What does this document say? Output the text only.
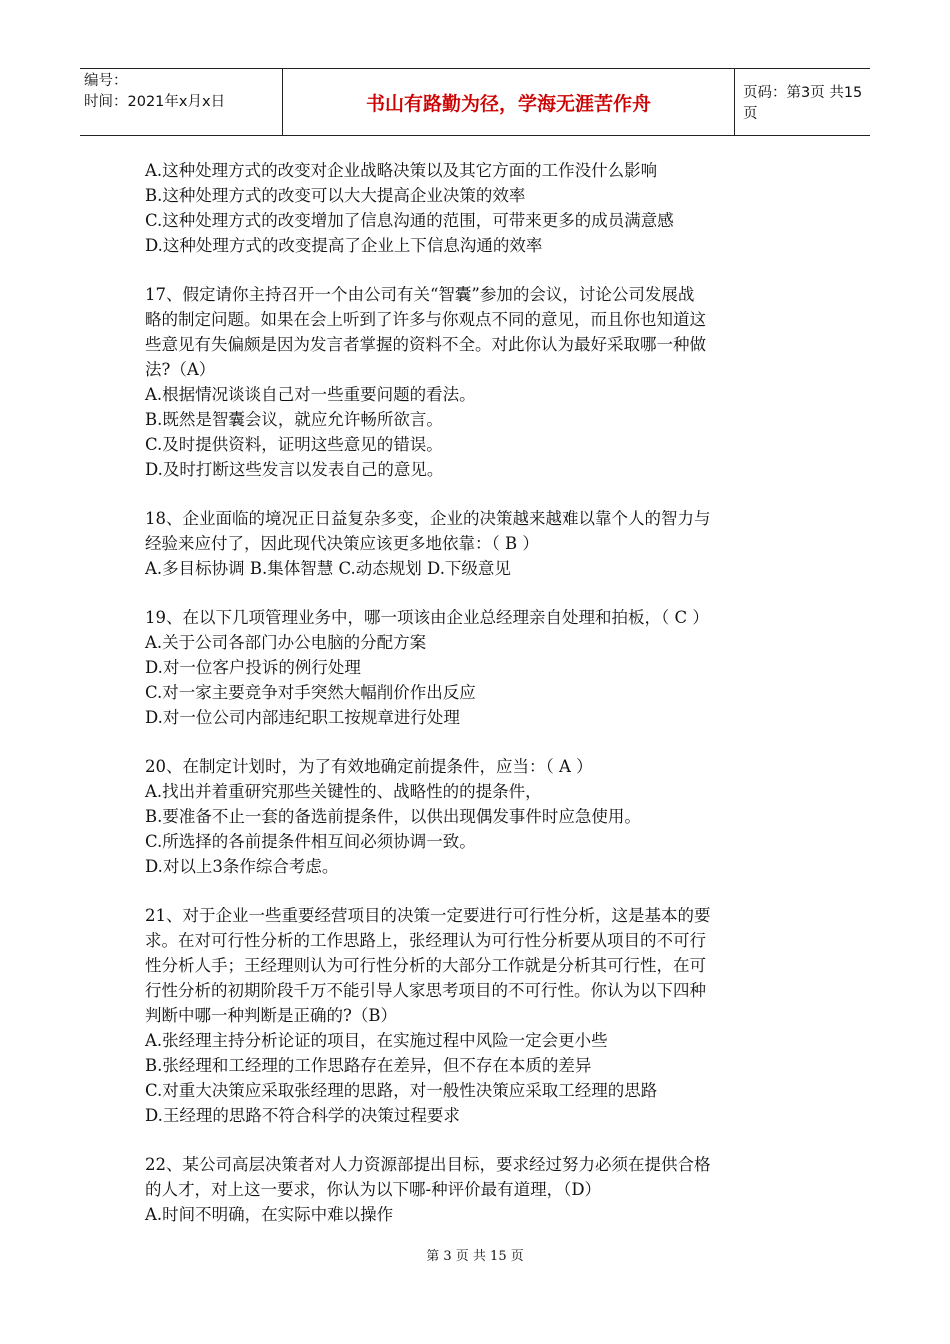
编号：
时间：2021年x月x日	书山有路勤为径，学海无涯苦作舟	页码：第3页 共15页
A.这种处理方式的改变对企业战略决策以及其它方面的工作没什么影响
B.这种处理方式的改变可以大大提高企业决策的效率
C.这种处理方式的改变增加了信息沟通的范围，可带来更多的成员满意感
D.这种处理方式的改变提高了企业上下信息沟通的效率
17、假定请你主持召开一个由公司有关“智囊”参加的会议，讨论公司发展战
略的制定问题。如果在会上听到了许多与你观点不同的意见，而且你也知道这
些意见有失偏颇是因为发言者掌握的资料不全。对此你认为最好采取哪一种做
法?（A）
A.根据情况谈谈自己对一些重要问题的看法。
B.既然是智囊会议，就应允许畅所欲言。
C.及时提供资料，证明这些意见的错误。
D.及时打断这些发言以发表自己的意见。
18、企业面临的境况正日益复杂多变，企业的决策越来越难以靠个人的智力与
经验来应付了，因此现代决策应该更多地依靠：（ B ）
A.多目标协调 B.集体智慧 C.动态规划 D.下级意见
19、在以下几项管理业务中，哪一项该由企业总经理亲自处理和拍板，（ C ）
A.关于公司各部门办公电脑的分配方案
D.对一位客户投诉的例行处理
C.对一家主要竞争对手突然大幅削价作出反应
D.对一位公司内部违纪职工按规章进行处理
20、在制定计划时，为了有效地确定前提条件，应当：（ A ）
A.找出并着重研究那些关键性的、战略性的的提条件，
B.要准备不止一套的备选前提条件，以供出现偶发事件时应急使用。
C.所选择的各前提条件相互间必须协调一致。
D.对以上3条作综合考虑。
21、对于企业一些重要经营项目的决策一定要进行可行性分析，这是基本的要
求。在对可行性分析的工作思路上，张经理认为可行性分析要从项目的不可行
性分析人手；王经理则认为可行性分析的大部分工作就是分析其可行性，在可
行性分析的初期阶段千万不能引导人家思考项目的不可行性。你认为以下四种
判断中哪一种判断是正确的?（B）
A.张经理主持分析论证的项目，在实施过程中风险一定会更小些
B.张经理和工经理的工作思路存在差异，但不存在本质的差异
C.对重大决策应采取张经理的思路，对一般性决策应采取工经理的思路
D.王经理的思路不符合科学的决策过程要求
22、某公司高层决策者对人力资源部提出目标，要求经过努力必须在提供合格
的人才，对上这一要求，你认为以下哪-种评价最有道理，（D）
A.时间不明确，在实际中难以操作
第 3 页 共 15 页
